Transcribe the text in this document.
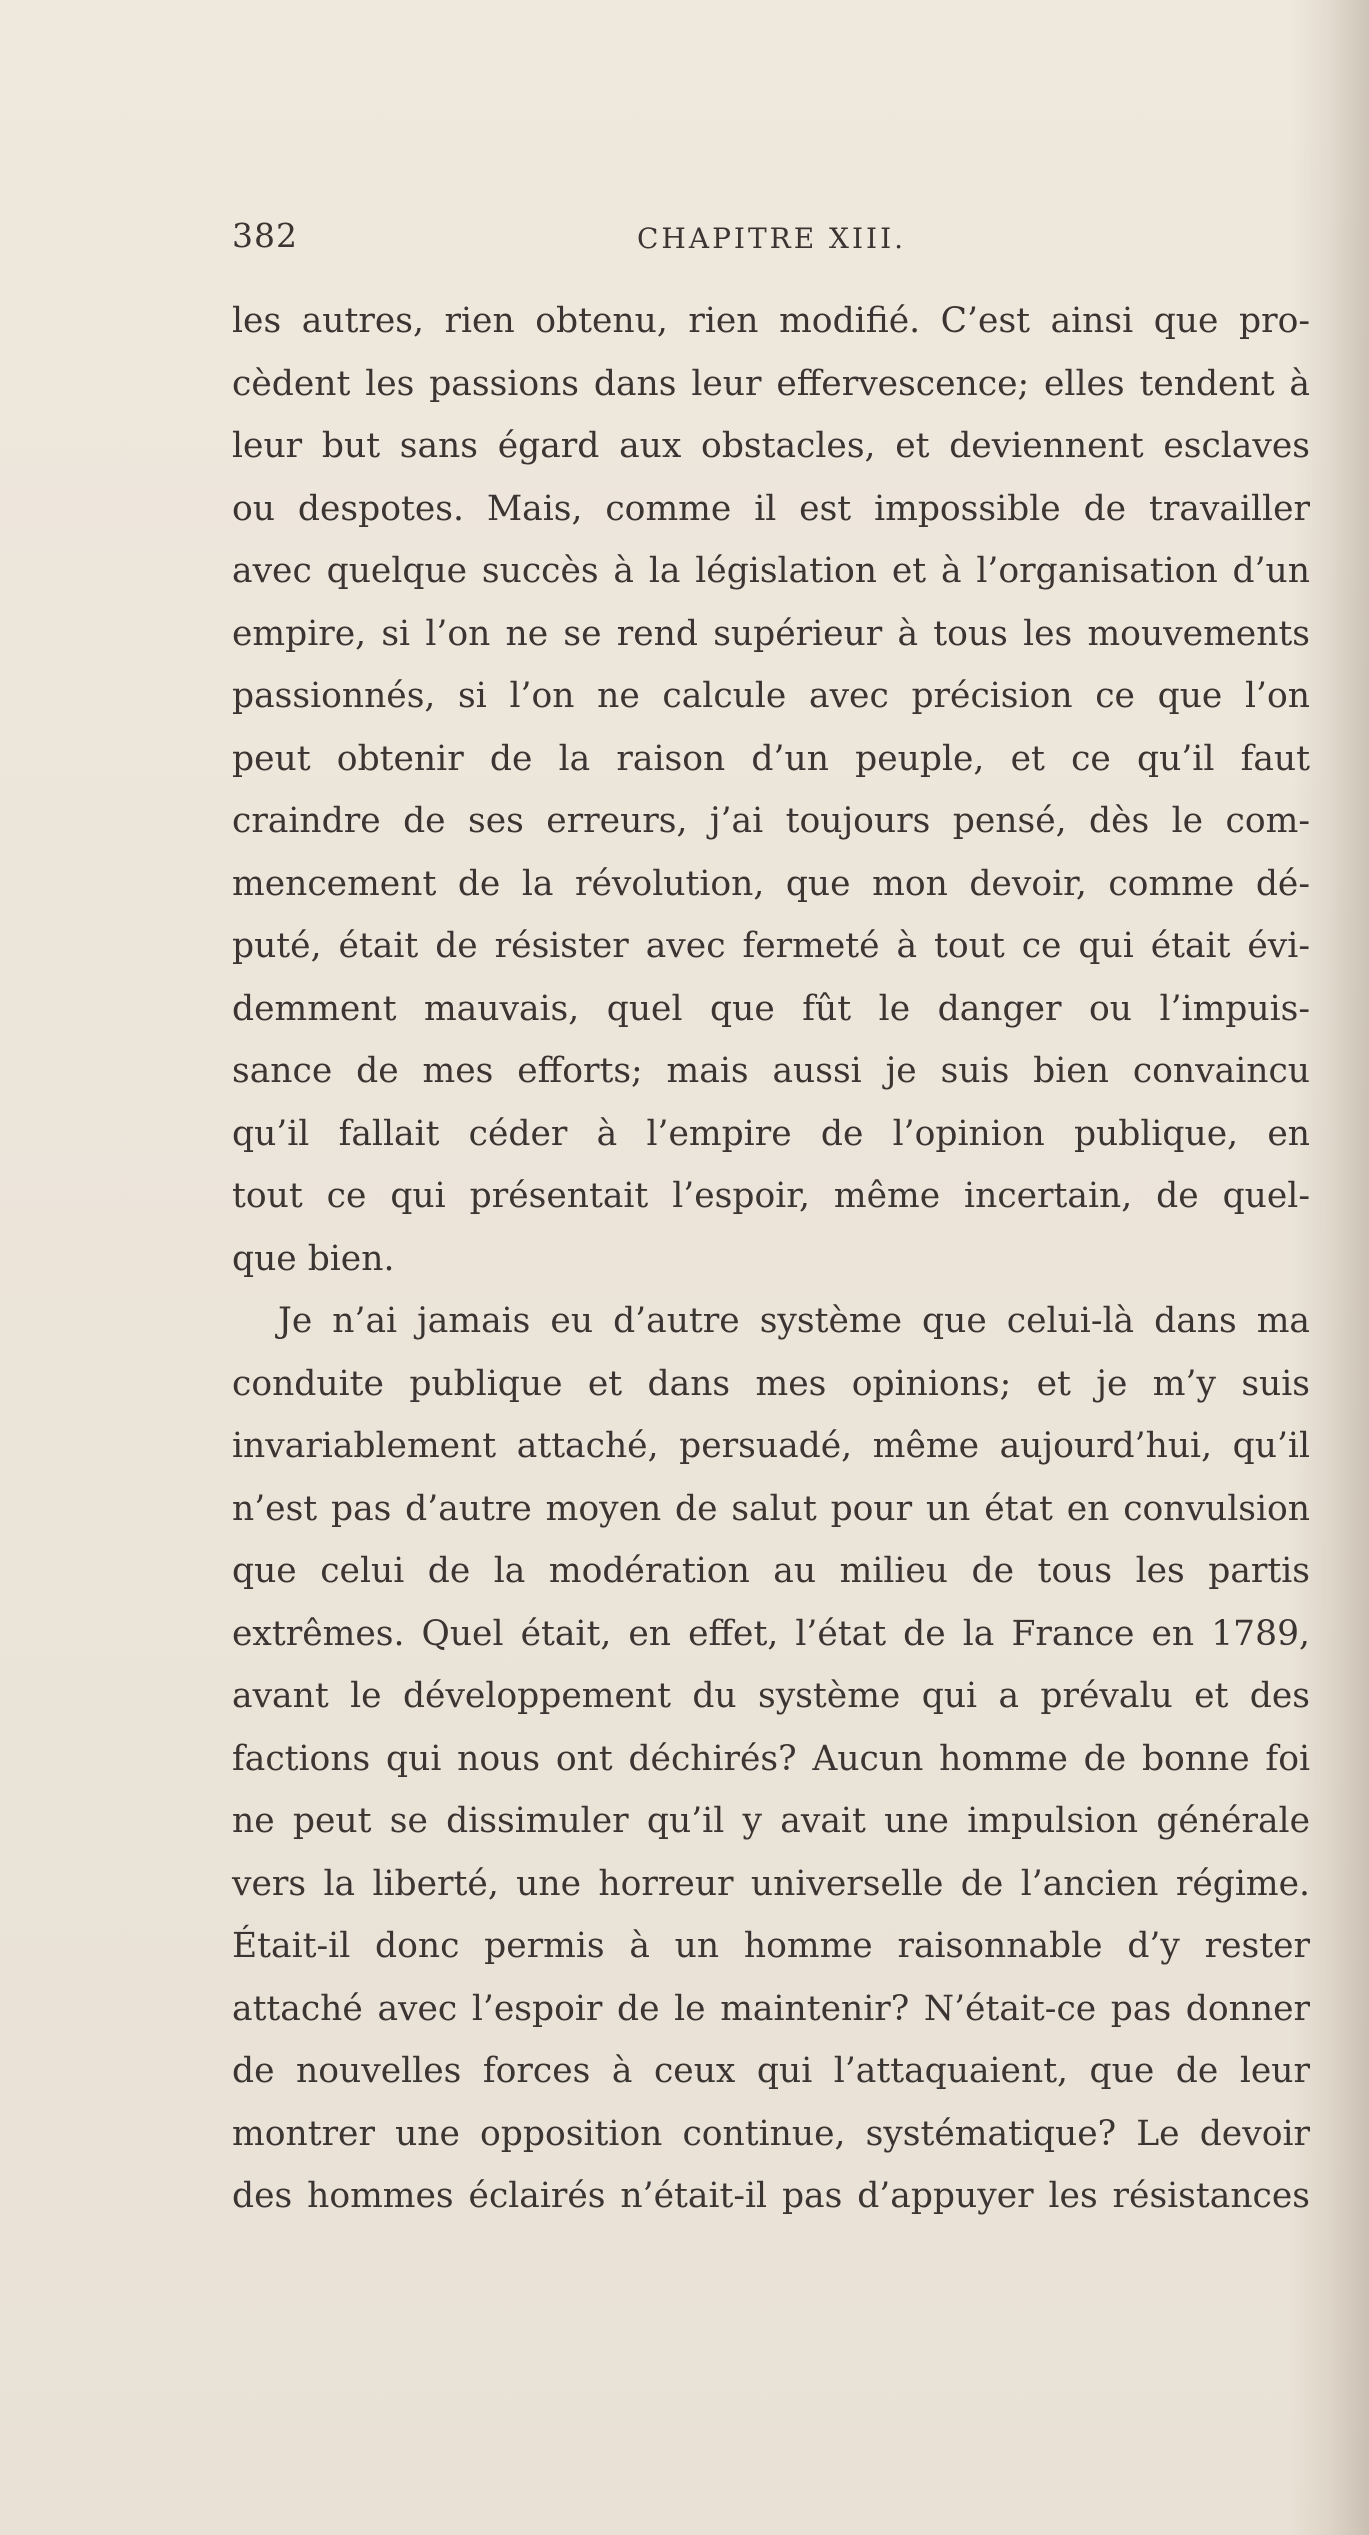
382	CHAPITRE XIII.
les autres, rien obtenu, rien modifié. C’est ainsi que pro-
cèdent les passions dans leur effervescence; elles tendent à
leur but sans égard aux obstacles, et deviennent esclaves
ou despotes. Mais, comme il est impossible de travailler
avec quelque succès à la législation et à l’organisation d’un
empire, si l’on ne se rend supérieur à tous les mouvements
passionnés, si l’on ne calcule avec précision ce que l’on
peut obtenir de la raison d’un peuple, et ce qu’il faut
craindre de ses erreurs, j’ai toujours pensé, dès le com-
mencement de la révolution, que mon devoir, comme dé-
puté, était de résister avec fermeté à tout ce qui était évi-
demment mauvais, quel que fût le danger ou l’impuis-
sance de mes efforts; mais aussi je suis bien convaincu
qu’il fallait céder à l’empire de l’opinion publique, en
tout ce qui présentait l’espoir, même incertain, de quel-
que bien.
Je n’ai jamais eu d’autre système que celui-là dans ma
conduite publique et dans mes opinions; et je m’y suis
invariablement attaché, persuadé, même aujourd’hui, qu’il
n’est pas d’autre moyen de salut pour un état en convulsion
que celui de la modération au milieu de tous les partis
extrêmes. Quel était, en effet, l’état de la France en 1789,
avant le développement du système qui a prévalu et des
factions qui nous ont déchirés? Aucun homme de bonne foi
ne peut se dissimuler qu’il y avait une impulsion générale
vers la liberté, une horreur universelle de l’ancien régime.
Était-il donc permis à un homme raisonnable d’y rester
attaché avec l’espoir de le maintenir? N’était-ce pas donner
de nouvelles forces à ceux qui l’attaquaient, que de leur
montrer une opposition continue, systématique? Le devoir
des hommes éclairés n’était-il pas d’appuyer les résistances
